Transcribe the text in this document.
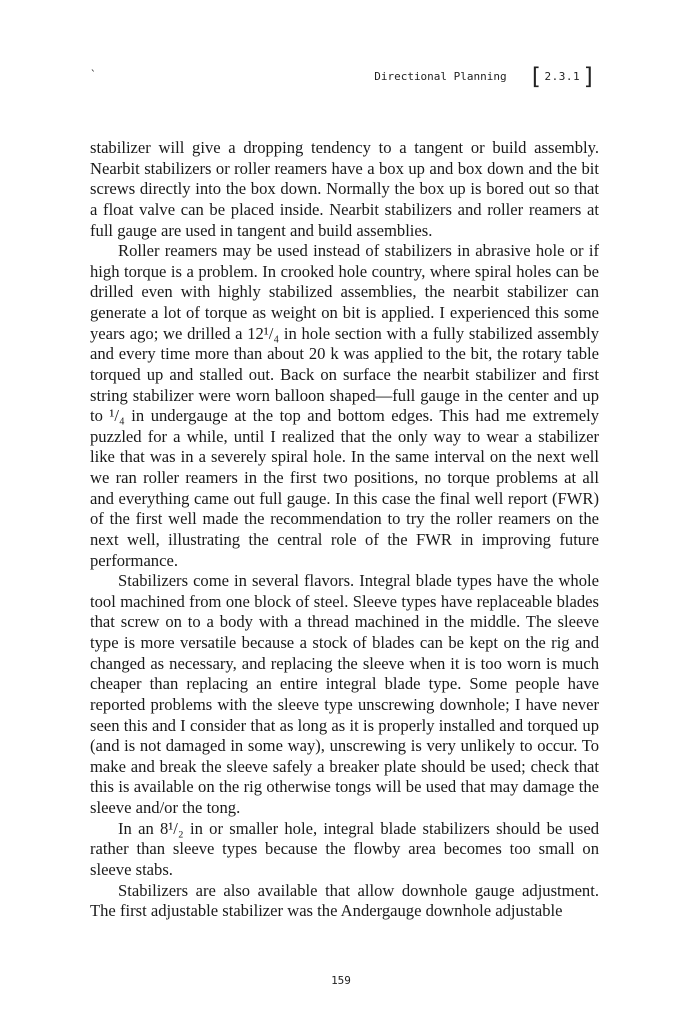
`	Directional Planning [ 2.3.1 ]

stabilizer will give a dropping tendency to a tangent or build assembly. Nearbit stabilizers or roller reamers have a box up and box down and the bit screws directly into the box down. Normally the box up is bored out so that a float valve can be placed inside. Nearbit stabilizers and roller reamers at full gauge are used in tangent and build assemblies.

Roller reamers may be used instead of stabilizers in abrasive hole or if high torque is a problem. In crooked hole country, where spiral holes can be drilled even with highly stabilized assemblies, the nearbit stabilizer can generate a lot of torque as weight on bit is applied. I experienced this some years ago; we drilled a 12¹/₄ in hole section with a fully stabilized assembly and every time more than about 20 k was applied to the bit, the rotary table torqued up and stalled out. Back on surface the nearbit stabilizer and first string stabilizer were worn balloon shaped—full gauge in the center and up to ¹/₄ in undergauge at the top and bottom edges. This had me extremely puzzled for a while, until I realized that the only way to wear a stabilizer like that was in a severely spiral hole. In the same interval on the next well we ran roller reamers in the first two positions, no torque problems at all and everything came out full gauge. In this case the final well report (FWR) of the first well made the recommendation to try the roller reamers on the next well, illustrating the central role of the FWR in improving future performance.

Stabilizers come in several flavors. Integral blade types have the whole tool machined from one block of steel. Sleeve types have replaceable blades that screw on to a body with a thread machined in the middle. The sleeve type is more versatile because a stock of blades can be kept on the rig and changed as necessary, and replacing the sleeve when it is too worn is much cheaper than replacing an entire integral blade type. Some people have reported problems with the sleeve type unscrewing downhole; I have never seen this and I consider that as long as it is properly installed and torqued up (and is not damaged in some way), unscrewing is very unlikely to occur. To make and break the sleeve safely a breaker plate should be used; check that this is available on the rig otherwise tongs will be used that may damage the sleeve and/or the tong.

In an 8¹/₂ in or smaller hole, integral blade stabilizers should be used rather than sleeve types because the flowby area becomes too small on sleeve stabs.

Stabilizers are also available that allow downhole gauge adjustment. The first adjustable stabilizer was the Andergauge downhole adjustable

159
